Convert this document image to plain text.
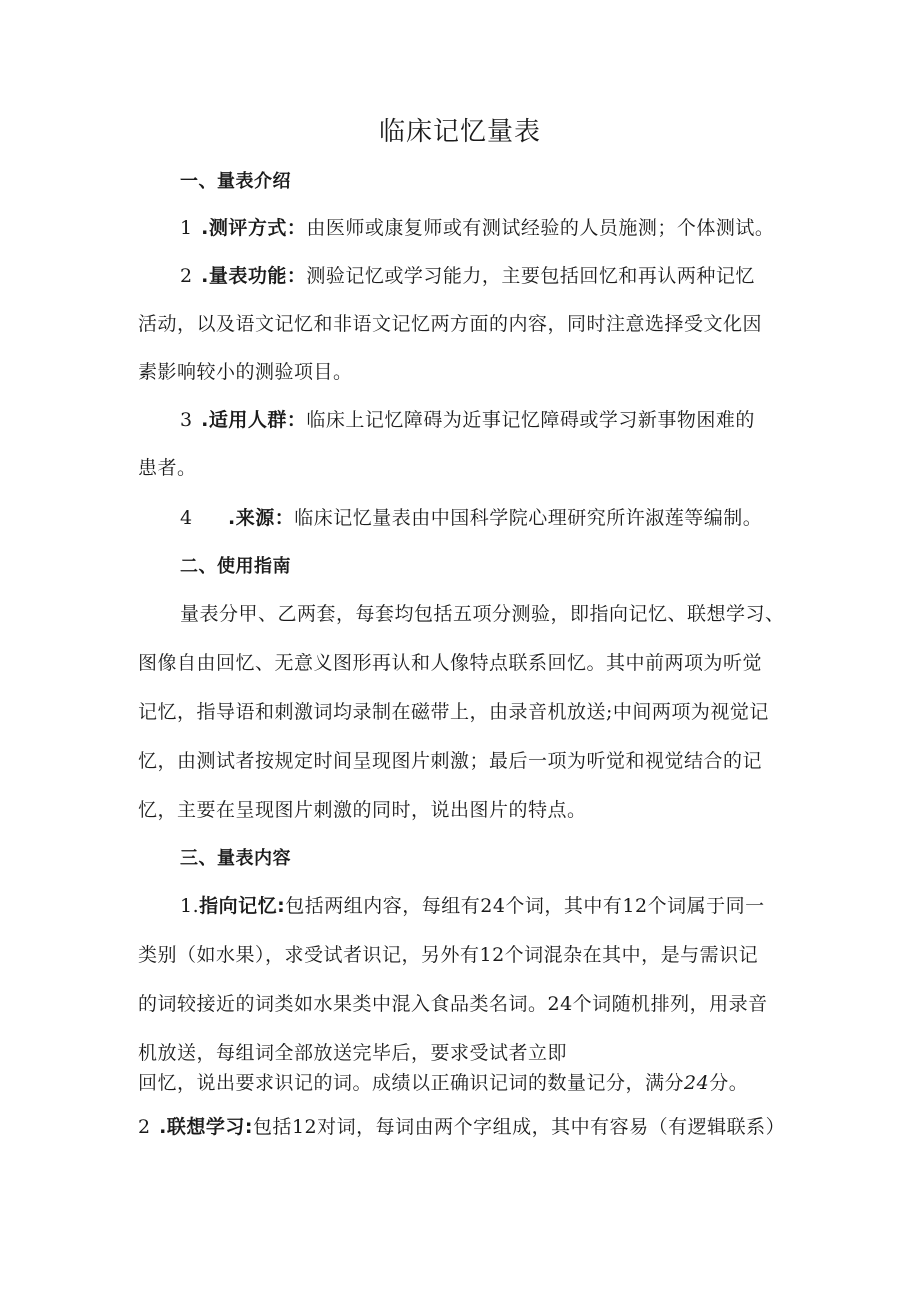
临床记忆量表
一、量表介绍
1 .测评方式：由医师或康复师或有测试经验的人员施测；个体测试。
2 .量表功能：测验记忆或学习能力，主要包括回忆和再认两种记忆
活动，以及语文记忆和非语文记忆两方面的内容，同时注意选择受文化因
素影响较小的测验项目。
3 .适用人群：临床上记忆障碍为近事记忆障碍或学习新事物困难的
患者。
4 .来源：临床记忆量表由中国科学院心理研究所许淑莲等编制。
二、使用指南
量表分甲、乙两套，每套均包括五项分测验，即指向记忆、联想学习、
图像自由回忆、无意义图形再认和人像特点联系回忆。其中前两项为听觉
记忆，指导语和刺激词均录制在磁带上，由录音机放送;中间两项为视觉记
忆，由测试者按规定时间呈现图片刺激；最后一项为听觉和视觉结合的记
忆，主要在呈现图片刺激的同时，说出图片的特点。
三、量表内容
1.指向记忆:包括两组内容，每组有24个词，其中有12个词属于同一
类别（如水果），求受试者识记，另外有12个词混杂在其中，是与需识记
的词较接近的词类如水果类中混入食品类名词。24个词随机排列，用录音
机放送，每组词全部放送完毕后，要求受试者立即
回忆，说出要求识记的词。成绩以正确识记词的数量记分，满分24分。
2 .联想学习:包括12对词，每词由两个字组成，其中有容易（有逻辑联系）
